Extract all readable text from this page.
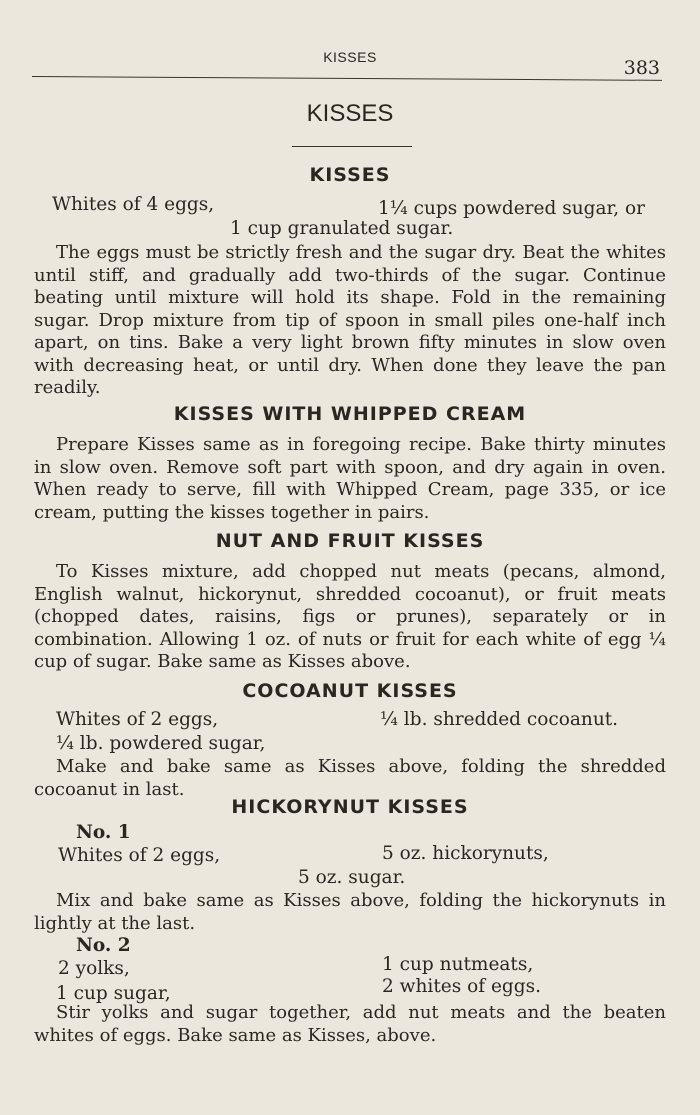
KISSES	383
KISSES
KISSES
Whites of 4 eggs,	1¼ cups powdered sugar, or
1 cup granulated sugar.
The eggs must be strictly fresh and the sugar dry. Beat the whites until stiff, and gradually add two-thirds of the sugar. Continue beating until mixture will hold its shape. Fold in the remaining sugar. Drop mixture from tip of spoon in small piles one-half inch apart, on tins. Bake a very light brown fifty minutes in slow oven with decreasing heat, or until dry. When done they leave the pan readily.
KISSES WITH WHIPPED CREAM
Prepare Kisses same as in foregoing recipe. Bake thirty minutes in slow oven. Remove soft part with spoon, and dry again in oven. When ready to serve, fill with Whipped Cream, page 335, or ice cream, putting the kisses together in pairs.
NUT AND FRUIT KISSES
To Kisses mixture, add chopped nut meats (pecans, almond, English walnut, hickorynut, shredded cocoanut), or fruit meats (chopped dates, raisins, figs or prunes), separately or in combination. Allowing 1 oz. of nuts or fruit for each white of egg ¼ cup of sugar. Bake same as Kisses above.
COCOANUT KISSES
Whites of 2 eggs,	¼ lb. shredded cocoanut.
¼ lb. powdered sugar,
Make and bake same as Kisses above, folding the shredded cocoanut in last.
HICKORYNUT KISSES
No. 1
Whites of 2 eggs,	5 oz. hickorynuts,
5 oz. sugar.
Mix and bake same as Kisses above, folding the hickorynuts in lightly at the last.
No. 2
2 yolks,	1 cup nutmeats,
1 cup sugar,	2 whites of eggs.
Stir yolks and sugar together, add nut meats and the beaten whites of eggs. Bake same as Kisses, above.
